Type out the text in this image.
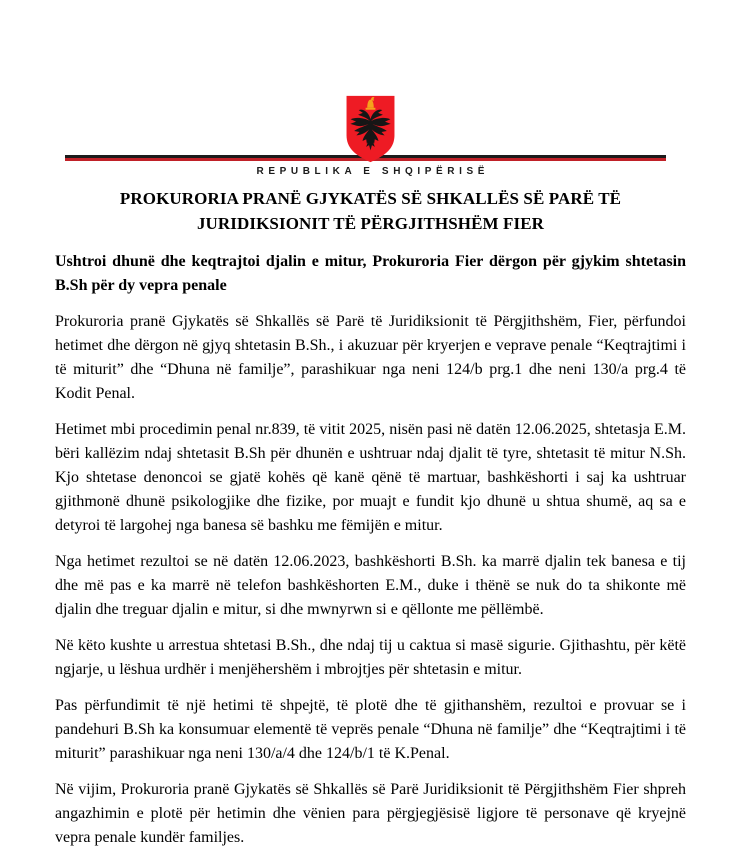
REPUBLIKA E SHQIPËRISË
PROKURORIA PRANË GJYKATËS SË SHKALLËS SË PARË TË JURIDIKSIONIT TË PËRGJITHSHËM FIER
Ushtroi dhunë dhe keqtrajtoi djalin e mitur, Prokuroria Fier dërgon për gjykim shtetasin B.Sh për dy vepra penale

Prokuroria pranë Gjykatës së Shkallës së Parë të Juridiksionit të Përgjithshëm, Fier, përfundoi hetimet dhe dërgon në gjyq shtetasin B.Sh., i akuzuar për kryerjen e veprave penale “Keqtrajtimi i të miturit” dhe “Dhuna në familje”, parashikuar nga neni 124/b prg.1 dhe neni 130/a prg.4 të Kodit Penal.

Hetimet mbi procedimin penal nr.839, të vitit 2025, nisën pasi në datën 12.06.2025, shtetasja E.M. bëri kallëzim ndaj shtetasit B.Sh për dhunën e ushtruar ndaj djalit të tyre, shtetasit të mitur N.Sh. Kjo shtetase denoncoi se gjatë kohës që kanë qënë të martuar, bashkëshorti i saj ka ushtruar gjithmonë dhunë psikologjike dhe fizike, por muajt e fundit kjo dhunë u shtua shumë, aq sa e detyroi të largohej nga banesa së bashku me fëmijën e mitur.

Nga hetimet rezultoi se në datën 12.06.2023, bashkëshorti B.Sh. ka marrë djalin tek banesa e tij dhe më pas e ka marrë në telefon bashkëshorten E.M., duke i thënë se nuk do ta shikonte më djalin dhe treguar djalin e mitur, si dhe mwnyrwn si e qëllonte me pëllëmbë.

Në këto kushte u arrestua shtetasi B.Sh., dhe ndaj tij u caktua si masë sigurie. Gjithashtu, për këtë ngjarje, u lëshua urdhër i menjëhershëm i mbrojtjes për shtetasin e mitur.

Pas përfundimit të një hetimi të shpejtë, të plotë dhe të gjithanshëm, rezultoi e provuar se i pandehuri B.Sh ka konsumuar elementë të veprës penale “Dhuna në familje” dhe “Keqtrajtimi i të miturit” parashikuar nga neni 130/a/4 dhe 124/b/1 të K.Penal.

Në vijim, Prokuroria pranë Gjykatës së Shkallës së Parë Juridiksionit të Përgjithshëm Fier shpreh angazhimin e plotë për hetimin dhe vënien para përgjegjësisë ligjore të personave që kryejnë vepra penale kundër familjes.
